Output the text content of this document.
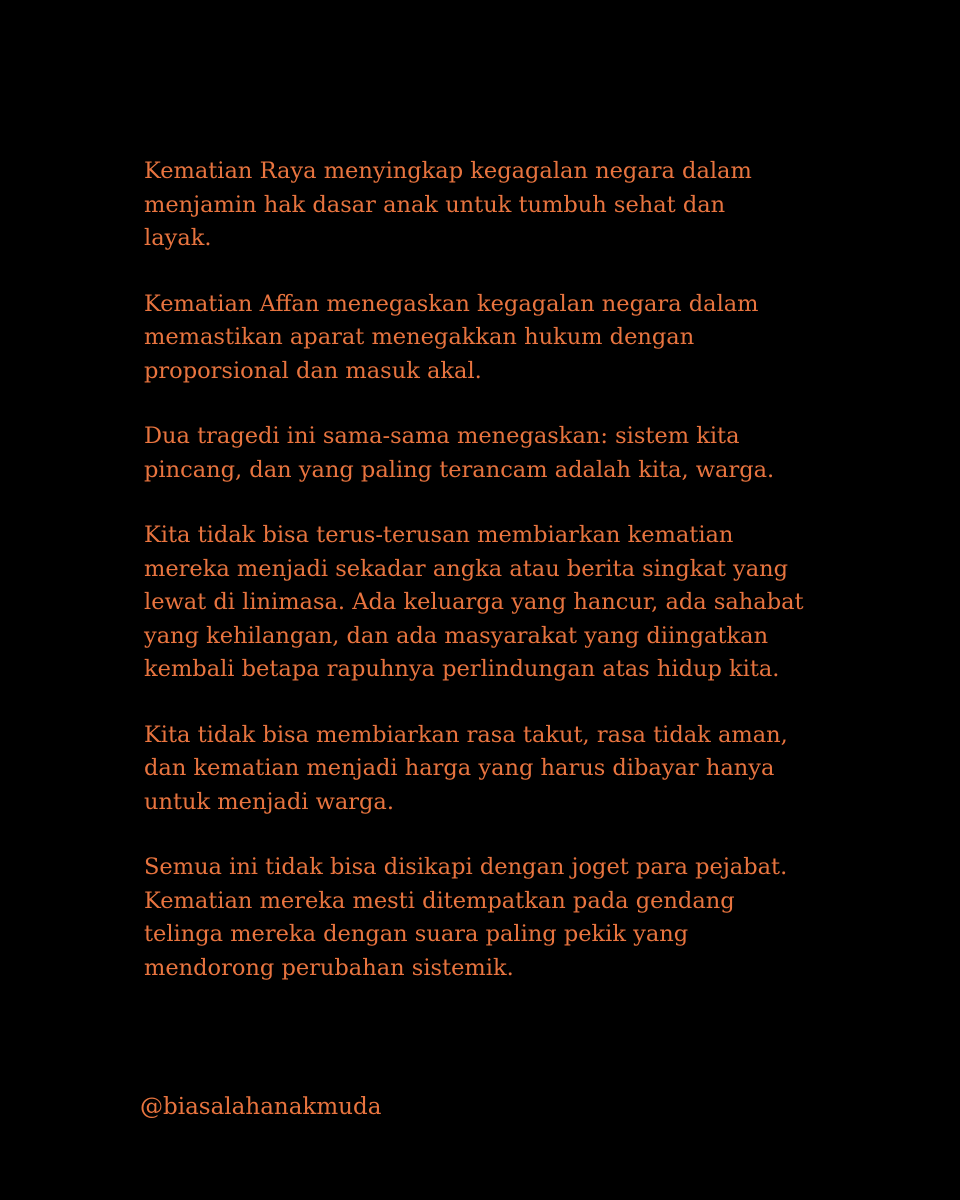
Kematian Raya menyingkap kegagalan negara dalam
menjamin hak dasar anak untuk tumbuh sehat dan
layak.

Kematian Affan menegaskan kegagalan negara dalam
memastikan aparat menegakkan hukum dengan
proporsional dan masuk akal.

Dua tragedi ini sama-sama menegaskan: sistem kita
pincang, dan yang paling terancam adalah kita, warga.

Kita tidak bisa terus-terusan membiarkan kematian
mereka menjadi sekadar angka atau berita singkat yang
lewat di linimasa. Ada keluarga yang hancur, ada sahabat
yang kehilangan, dan ada masyarakat yang diingatkan
kembali betapa rapuhnya perlindungan atas hidup kita.

Kita tidak bisa membiarkan rasa takut, rasa tidak aman,
dan kematian menjadi harga yang harus dibayar hanya
untuk menjadi warga.

Semua ini tidak bisa disikapi dengan joget para pejabat.
Kematian mereka mesti ditempatkan pada gendang
telinga mereka dengan suara paling pekik yang
mendorong perubahan sistemik.

@biasalahanakmuda
